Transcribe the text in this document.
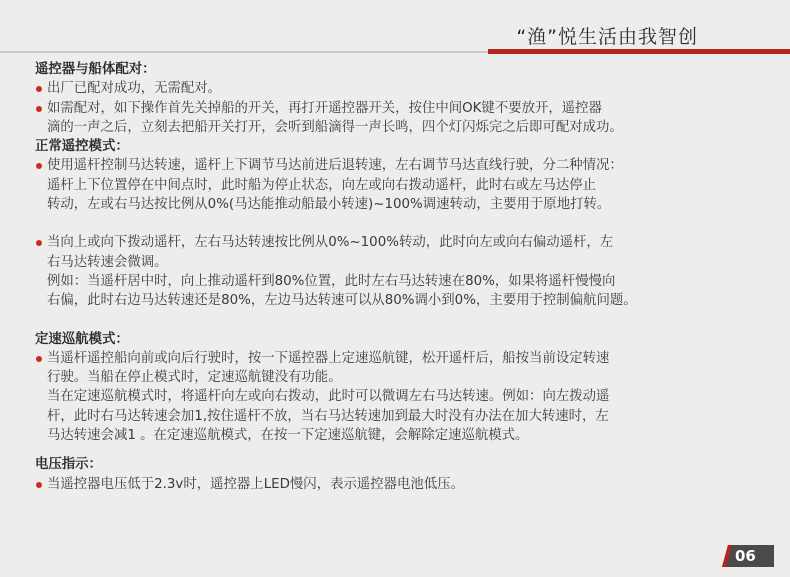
“渔”悦生活由我智创

遥控器与船体配对：

出厂已配对成功，无需配对。

如需配对，如下操作首先关掉船的开关，再打开遥控器开关，按住中间OK键不要放开，遥控器

滴的一声之后，立刻去把船开关打开，会听到船滴得一声长鸣，四个灯闪烁完之后即可配对成功。

正常遥控模式：

使用遥杆控制马达转速，遥杆上下调节马达前进后退转速，左右调节马达直线行驶，分二种情况：

遥杆上下位置停在中间点时，此时船为停止状态，向左或向右拨动遥杆，此时右或左马达停止

转动，左或右马达按比例从0%(马达能推动船最小转速)~100%调速转动，主要用于原地打转。

当向上或向下拨动遥杆，左右马达转速按比例从0%~100%转动，此时向左或向右偏动遥杆，左

右马达转速会微调。

例如：当遥杆居中时，向上推动遥杆到80%位置，此时左右马达转速在80%，如果将遥杆慢慢向

右偏，此时右边马达转速还是80%，左边马达转速可以从80%调小到0%，主要用于控制偏航问题。

定速巡航模式：

当遥杆遥控船向前或向后行驶时，按一下遥控器上定速巡航键，松开遥杆后，船按当前设定转速

行驶。当船在停止模式时，定速巡航键没有功能。

当在定速巡航模式时，将遥杆向左或向右拨动，此时可以微调左右马达转速。例如：向左拨动遥

杆，此时右马达转速会加1,按住遥杆不放，当右马达转速加到最大时没有办法在加大转速时，左

马达转速会减1 。在定速巡航模式，在按一下定速巡航键，会解除定速巡航模式。

电压指示：

当遥控器电压低于2.3v时，遥控器上LED慢闪，表示遥控器电池低压。

06
